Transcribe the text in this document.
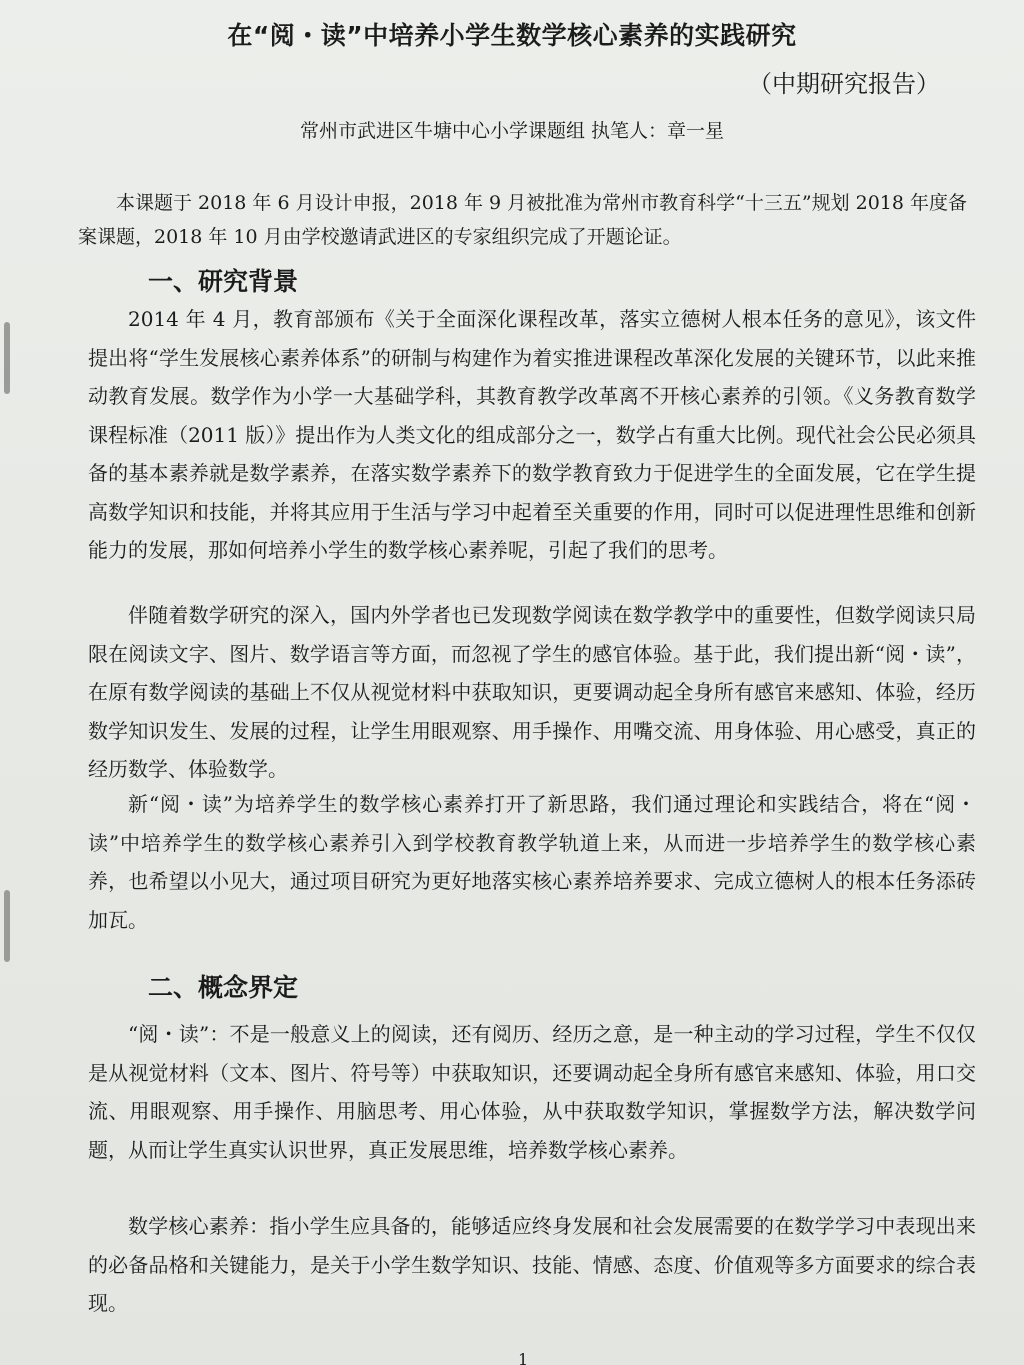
在“阅・读”中培养小学生数学核心素养的实践研究

（中期研究报告）

常州市武进区牛塘中心小学课题组 执笔人：章一星

本课题于 2018 年 6 月设计申报，2018 年 9 月被批准为常州市教育科学“十三五”规划 2018 年度备案课题，2018 年 10 月由学校邀请武进区的专家组织完成了开题论证。

一、研究背景

2014 年 4 月，教育部颁布《关于全面深化课程改革，落实立德树人根本任务的意见》，该文件提出将“学生发展核心素养体系”的研制与构建作为着实推进课程改革深化发展的关键环节，以此来推动教育发展。数学作为小学一大基础学科，其教育教学改革离不开核心素养的引领。《义务教育数学课程标准（2011 版）》提出作为人类文化的组成部分之一，数学占有重大比例。现代社会公民必须具备的基本素养就是数学素养，在落实数学素养下的数学教育致力于促进学生的全面发展，它在学生提高数学知识和技能，并将其应用于生活与学习中起着至关重要的作用，同时可以促进理性思维和创新能力的发展，那如何培养小学生的数学核心素养呢，引起了我们的思考。

伴随着数学研究的深入，国内外学者也已发现数学阅读在数学教学中的重要性，但数学阅读只局限在阅读文字、图片、数学语言等方面，而忽视了学生的感官体验。基于此，我们提出新“阅・读”，在原有数学阅读的基础上不仅从视觉材料中获取知识，更要调动起全身所有感官来感知、体验，经历数学知识发生、发展的过程，让学生用眼观察、用手操作、用嘴交流、用身体验、用心感受，真正的经历数学、体验数学。

新“阅・读”为培养学生的数学核心素养打开了新思路，我们通过理论和实践结合，将在“阅・读”中培养学生的数学核心素养引入到学校教育教学轨道上来，从而进一步培养学生的数学核心素养，也希望以小见大，通过项目研究为更好地落实核心素养培养要求、完成立德树人的根本任务添砖加瓦。

二、概念界定

“阅・读”：不是一般意义上的阅读，还有阅历、经历之意，是一种主动的学习过程，学生不仅仅是从视觉材料（文本、图片、符号等）中获取知识，还要调动起全身所有感官来感知、体验，用口交流、用眼观察、用手操作、用脑思考、用心体验，从中获取数学知识，掌握数学方法，解决数学问题，从而让学生真实认识世界，真正发展思维，培养数学核心素养。

数学核心素养：指小学生应具备的，能够适应终身发展和社会发展需要的在数学学习中表现出来的必备品格和关键能力，是关于小学生数学知识、技能、情感、态度、价值观等多方面要求的综合表现。

1
